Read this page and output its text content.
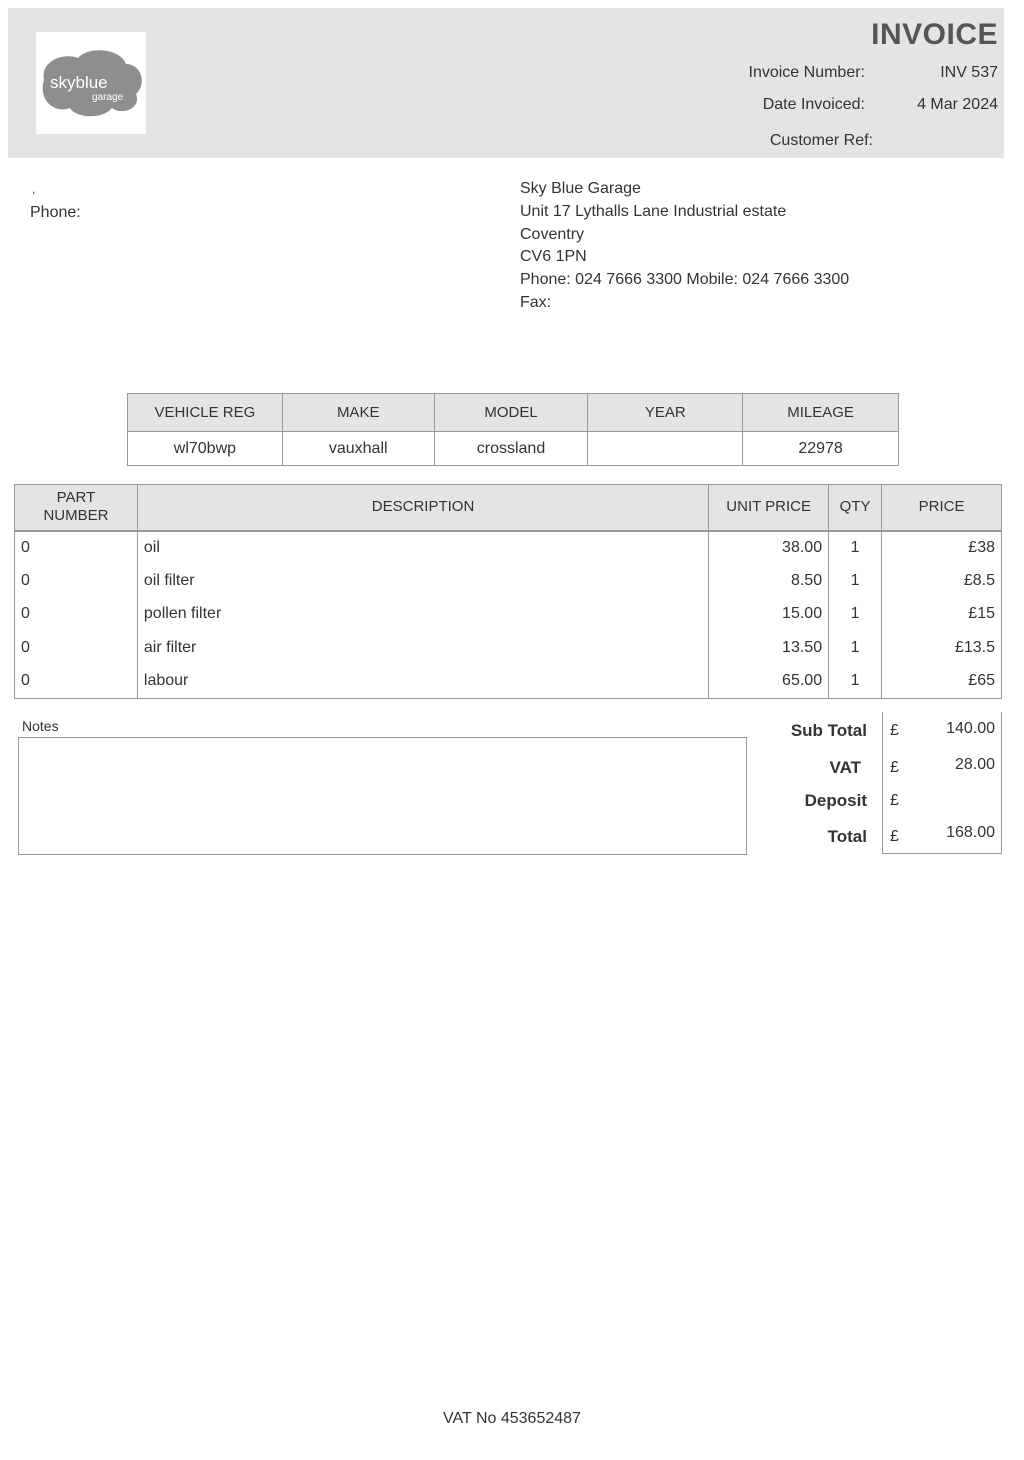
skyblue
garage
INVOICE
Invoice Number:	INV 537
Date Invoiced:	4 Mar 2024
Customer Ref:
,
Phone:
Sky Blue Garage
Unit 17 Lythalls Lane Industrial estate
Coventry
CV6 1PN
Phone: 024 7666 3300 Mobile: 024 7666 3300
Fax:
VEHICLE REG	MAKE	MODEL	YEAR	MILEAGE
wl70bwp	vauxhall	crossland		22978
PART
NUMBER	DESCRIPTION	UNIT PRICE	QTY	PRICE
0	oil	38.00	1	£38
0	oil filter	8.50	1	£8.5
0	pollen filter	15.00	1	£15
0	air filter	13.50	1	£13.5
0	labour	65.00	1	£65
Notes	Sub Total £	140.00
VAT £	28.00
Deposit £
Total £	168.00
VAT No 453652487
